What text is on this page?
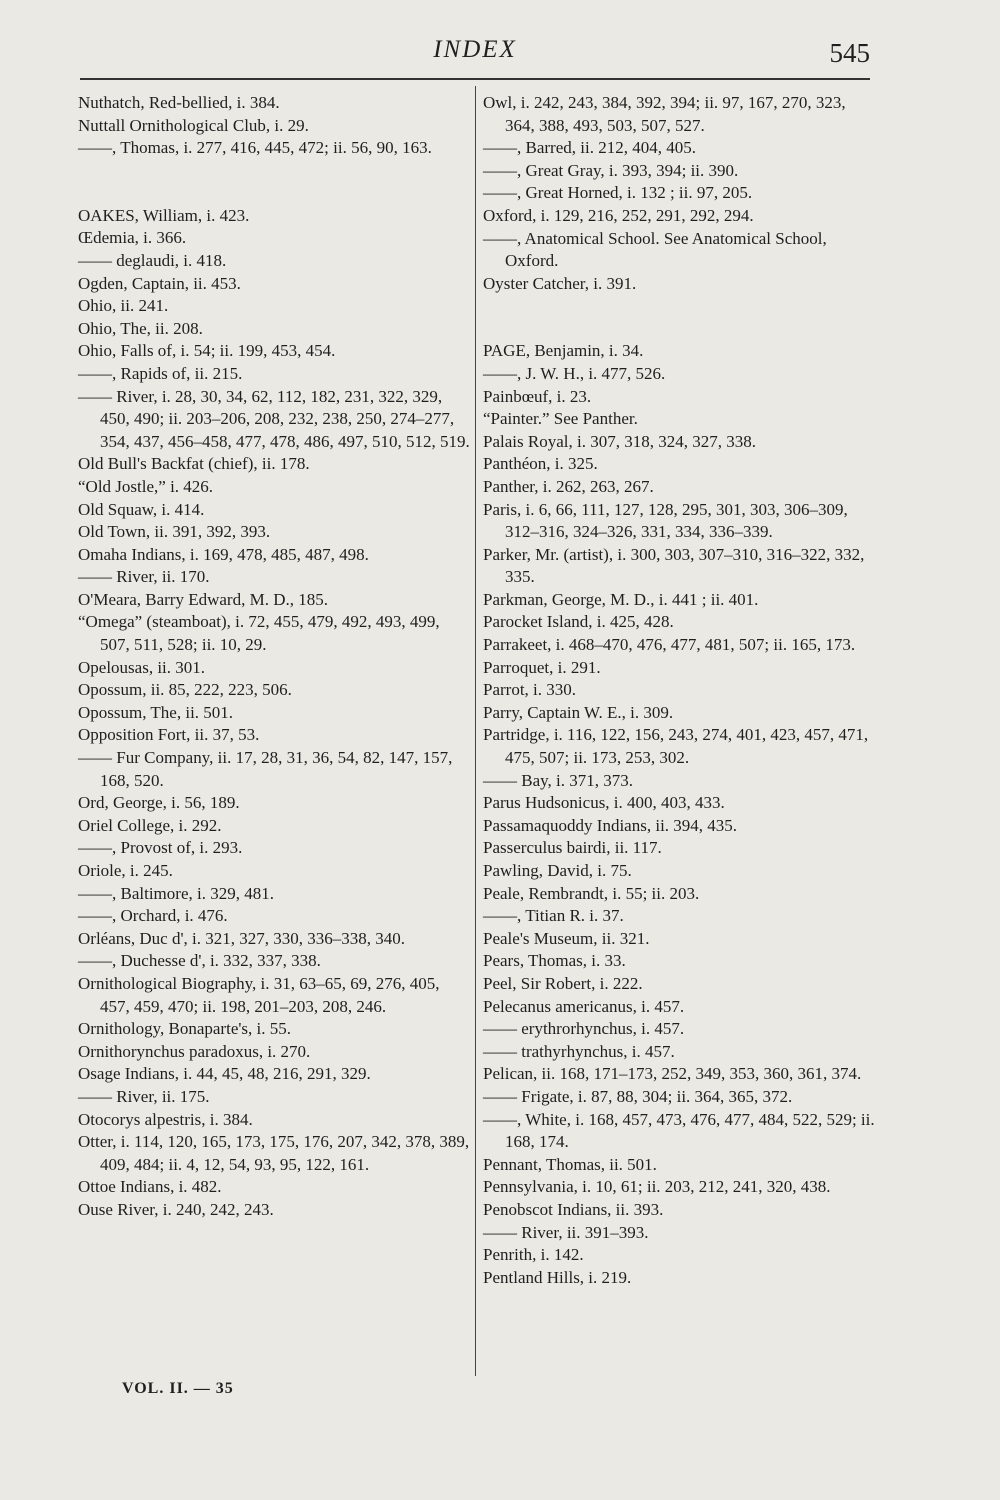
INDEX	545
Nuthatch, Red-bellied, i. 384.
Nuttall Ornithological Club, i. 29.
——, Thomas, i. 277, 416, 445, 472; ii. 56, 90, 163.
OAKES, William, i. 423.
Œdemia, i. 366.
—— deglaudi, i. 418.
Ogden, Captain, ii. 453.
Ohio, ii. 241.
Ohio, The, ii. 208.
Ohio, Falls of, i. 54; ii. 199, 453, 454.
——, Rapids of, ii. 215.
—— River, i. 28, 30, 34, 62, 112, 182, 231, 322, 329, 450, 490; ii. 203–206, 208, 232, 238, 250, 274–277, 354, 437, 456–458, 477, 478, 486, 497, 510, 512, 519.
Old Bull's Backfat (chief), ii. 178.
“Old Jostle,” i. 426.
Old Squaw, i. 414.
Old Town, ii. 391, 392, 393.
Omaha Indians, i. 169, 478, 485, 487, 498.
—— River, ii. 170.
O'Meara, Barry Edward, M. D., 185.
“Omega” (steamboat), i. 72, 455, 479, 492, 493, 499, 507, 511, 528; ii. 10, 29.
Opelousas, ii. 301.
Opossum, ii. 85, 222, 223, 506.
Opossum, The, ii. 501.
Opposition Fort, ii. 37, 53.
—— Fur Company, ii. 17, 28, 31, 36, 54, 82, 147, 157, 168, 520.
Ord, George, i. 56, 189.
Oriel College, i. 292.
——, Provost of, i. 293.
Oriole, i. 245.
——, Baltimore, i. 329, 481.
——, Orchard, i. 476.
Orléans, Duc d', i. 321, 327, 330, 336–338, 340.
——, Duchesse d', i. 332, 337, 338.
Ornithological Biography, i. 31, 63–65, 69, 276, 405, 457, 459, 470; ii. 198, 201–203, 208, 246.
Ornithology, Bonaparte's, i. 55.
Ornithorynchus paradoxus, i. 270.
Osage Indians, i. 44, 45, 48, 216, 291, 329.
—— River, ii. 175.
Otocorys alpestris, i. 384.
Otter, i. 114, 120, 165, 173, 175, 176, 207, 342, 378, 389, 409, 484; ii. 4, 12, 54, 93, 95, 122, 161.
Ottoe Indians, i. 482.
Ouse River, i. 240, 242, 243.
Owl, i. 242, 243, 384, 392, 394; ii. 97, 167, 270, 323, 364, 388, 493, 503, 507, 527.
——, Barred, ii. 212, 404, 405.
——, Great Gray, i. 393, 394; ii. 390.
——, Great Horned, i. 132 ; ii. 97, 205.
Oxford, i. 129, 216, 252, 291, 292, 294.
——, Anatomical School. See Anatomical School, Oxford.
Oyster Catcher, i. 391.
PAGE, Benjamin, i. 34.
——, J. W. H., i. 477, 526.
Painbœuf, i. 23.
“Painter.” See Panther.
Palais Royal, i. 307, 318, 324, 327, 338.
Panthéon, i. 325.
Panther, i. 262, 263, 267.
Paris, i. 6, 66, 111, 127, 128, 295, 301, 303, 306–309, 312–316, 324–326, 331, 334, 336–339.
Parker, Mr. (artist), i. 300, 303, 307–310, 316–322, 332, 335.
Parkman, George, M. D., i. 441 ; ii. 401.
Parocket Island, i. 425, 428.
Parrakeet, i. 468–470, 476, 477, 481, 507; ii. 165, 173.
Parroquet, i. 291.
Parrot, i. 330.
Parry, Captain W. E., i. 309.
Partridge, i. 116, 122, 156, 243, 274, 401, 423, 457, 471, 475, 507; ii. 173, 253, 302.
—— Bay, i. 371, 373.
Parus Hudsonicus, i. 400, 403, 433.
Passamaquoddy Indians, ii. 394, 435.
Passerculus bairdi, ii. 117.
Pawling, David, i. 75.
Peale, Rembrandt, i. 55; ii. 203.
——, Titian R. i. 37.
Peale's Museum, ii. 321.
Pears, Thomas, i. 33.
Peel, Sir Robert, i. 222.
Pelecanus americanus, i. 457.
—— erythrorhynchus, i. 457.
—— trathyrhynchus, i. 457.
Pelican, ii. 168, 171–173, 252, 349, 353, 360, 361, 374.
—— Frigate, i. 87, 88, 304; ii. 364, 365, 372.
——, White, i. 168, 457, 473, 476, 477, 484, 522, 529; ii. 168, 174.
Pennant, Thomas, ii. 501.
Pennsylvania, i. 10, 61; ii. 203, 212, 241, 320, 438.
Penobscot Indians, ii. 393.
—— River, ii. 391–393.
Penrith, i. 142.
Pentland Hills, i. 219.
VOL. II. — 35
